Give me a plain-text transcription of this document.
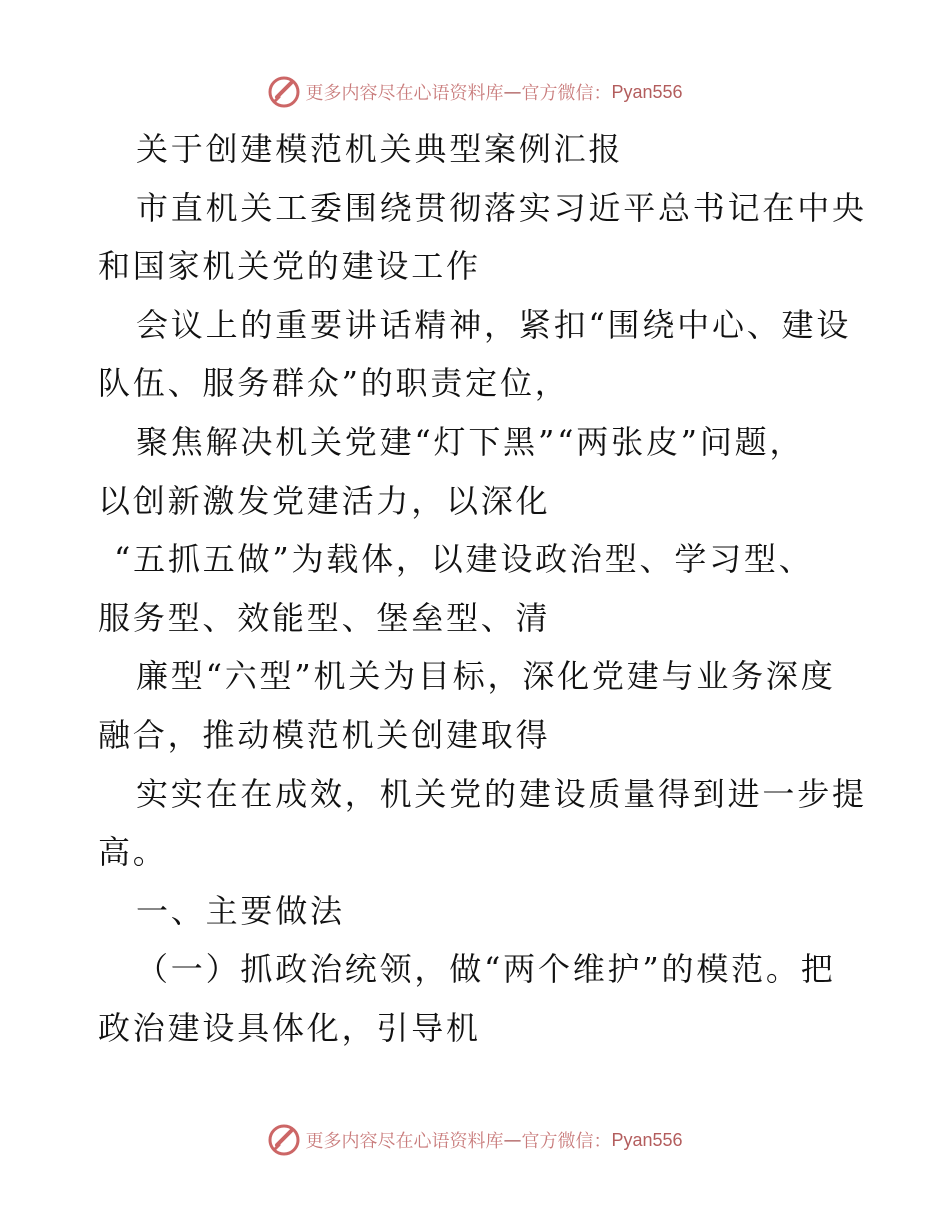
更多内容尽在心语资料库 — 官方微信： Pyan556
关于创建模范机关典型案例汇报
市直机关工委围绕贯彻落实习近平总书记在中央
和国家机关党的建设工作
会议上的重要讲话精神，紧扣“围绕中心、建设
队伍、服务群众”的职责定位，
聚焦解决机关党建“灯下黑”“两张皮”问题，
以创新激发党建活力，以深化
“五抓五做”为载体，以建设政治型、学习型、
服务型、效能型、堡垒型、清
廉型“六型”机关为目标，深化党建与业务深度
融合，推动模范机关创建取得
实实在在成效，机关党的建设质量得到进一步提
高。
一、主要做法
（一）抓政治统领，做“两个维护”的模范。把
政治建设具体化，引导机
更多内容尽在心语资料库 — 官方微信： Pyan556
